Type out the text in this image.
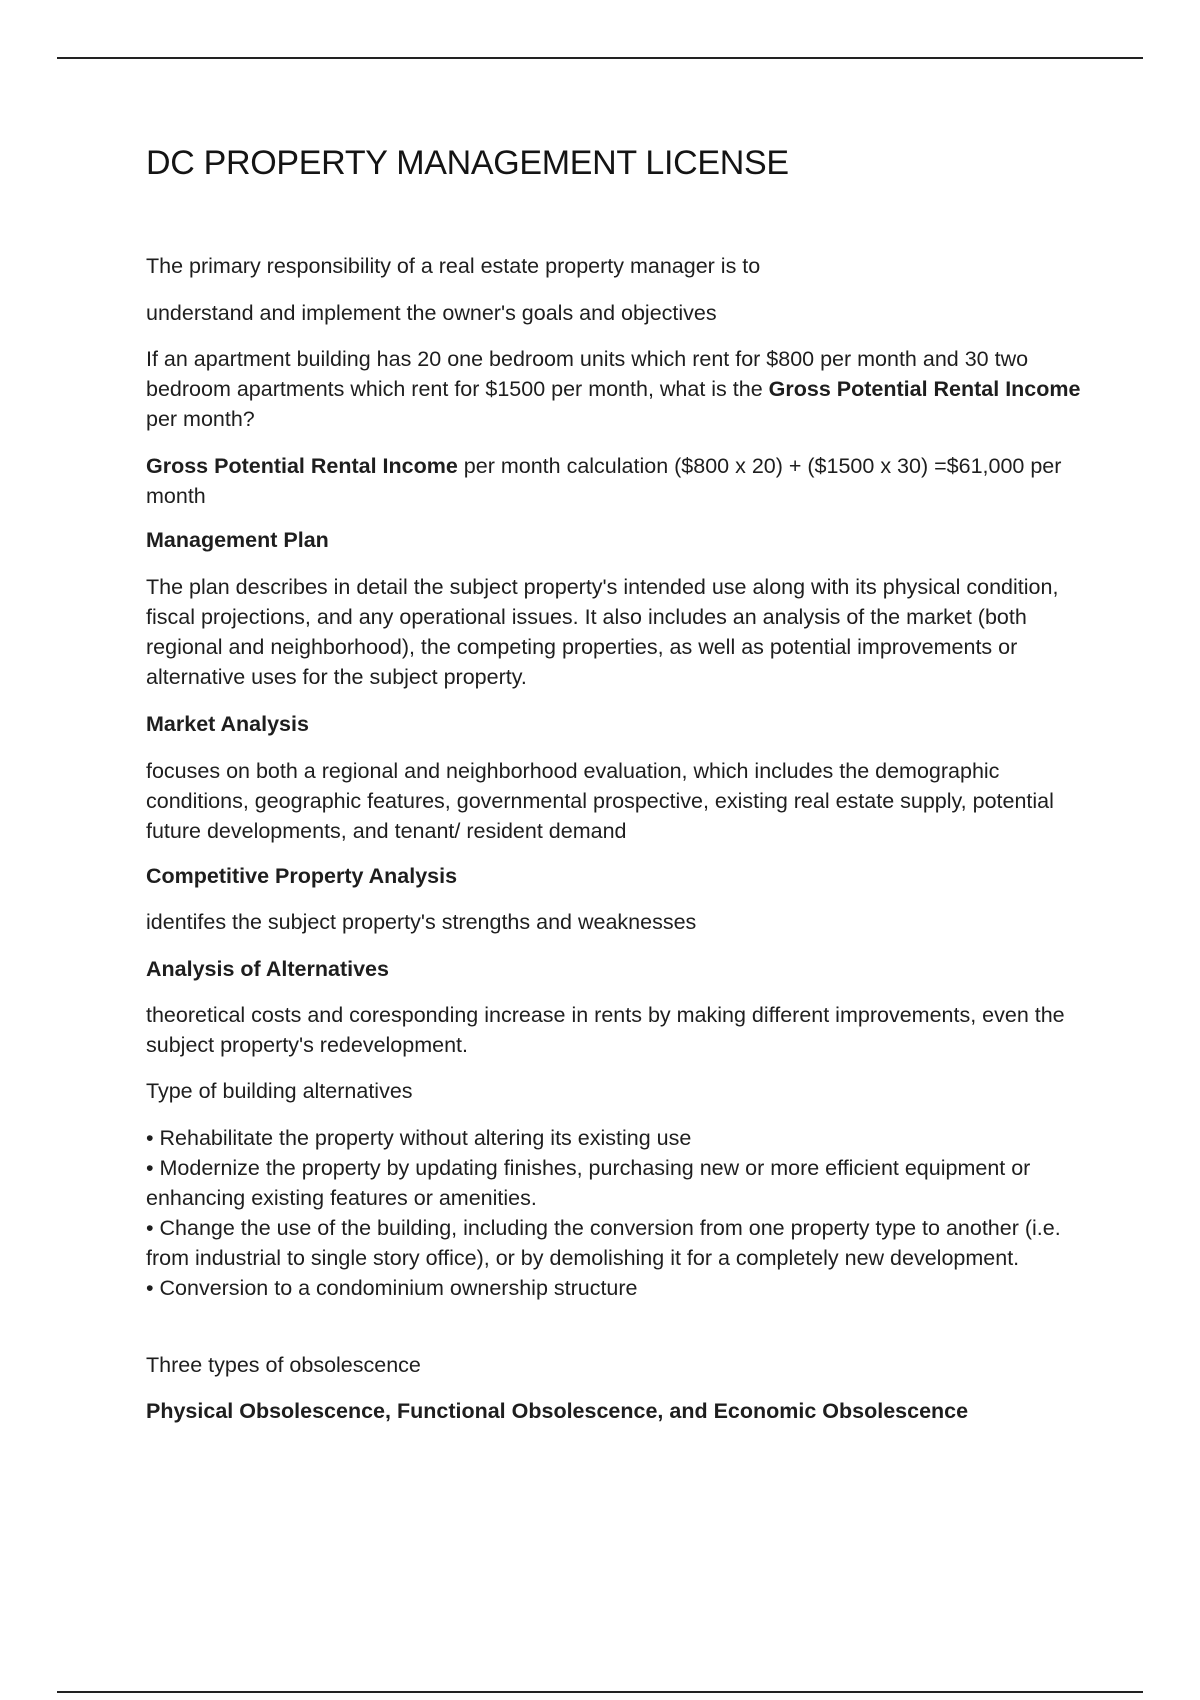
DC PROPERTY MANAGEMENT LICENSE

The primary responsibility of a real estate property manager is to

understand and implement the owner's goals and objectives

If an apartment building has 20 one bedroom units which rent for $800 per month and 30 two bedroom apartments which rent for $1500 per month, what is the Gross Potential Rental Income per month?

Gross Potential Rental Income per month calculation ($800 x 20) + ($1500 x 30) =$61,000 per month

Management Plan

The plan describes in detail the subject property's intended use along with its physical condition, fiscal projections, and any operational issues. It also includes an analysis of the market (both regional and neighborhood), the competing properties, as well as potential improvements or alternative uses for the subject property.

Market Analysis

focuses on both a regional and neighborhood evaluation, which includes the demographic conditions, geographic features, governmental prospective, existing real estate supply, potential future developments, and tenant/ resident demand

Competitive Property Analysis

identifes the subject property's strengths and weaknesses

Analysis of Alternatives

theoretical costs and coresponding increase in rents by making different improvements, even the subject property's redevelopment.

Type of building alternatives

• Rehabilitate the property without altering its existing use
• Modernize the property by updating finishes, purchasing new or more efficient equipment or enhancing existing features or amenities.
• Change the use of the building, including the conversion from one property type to another (i.e. from industrial to single story office), or by demolishing it for a completely new development.
• Conversion to a condominium ownership structure

Three types of obsolescence

Physical Obsolescence, Functional Obsolescence, and Economic Obsolescence
